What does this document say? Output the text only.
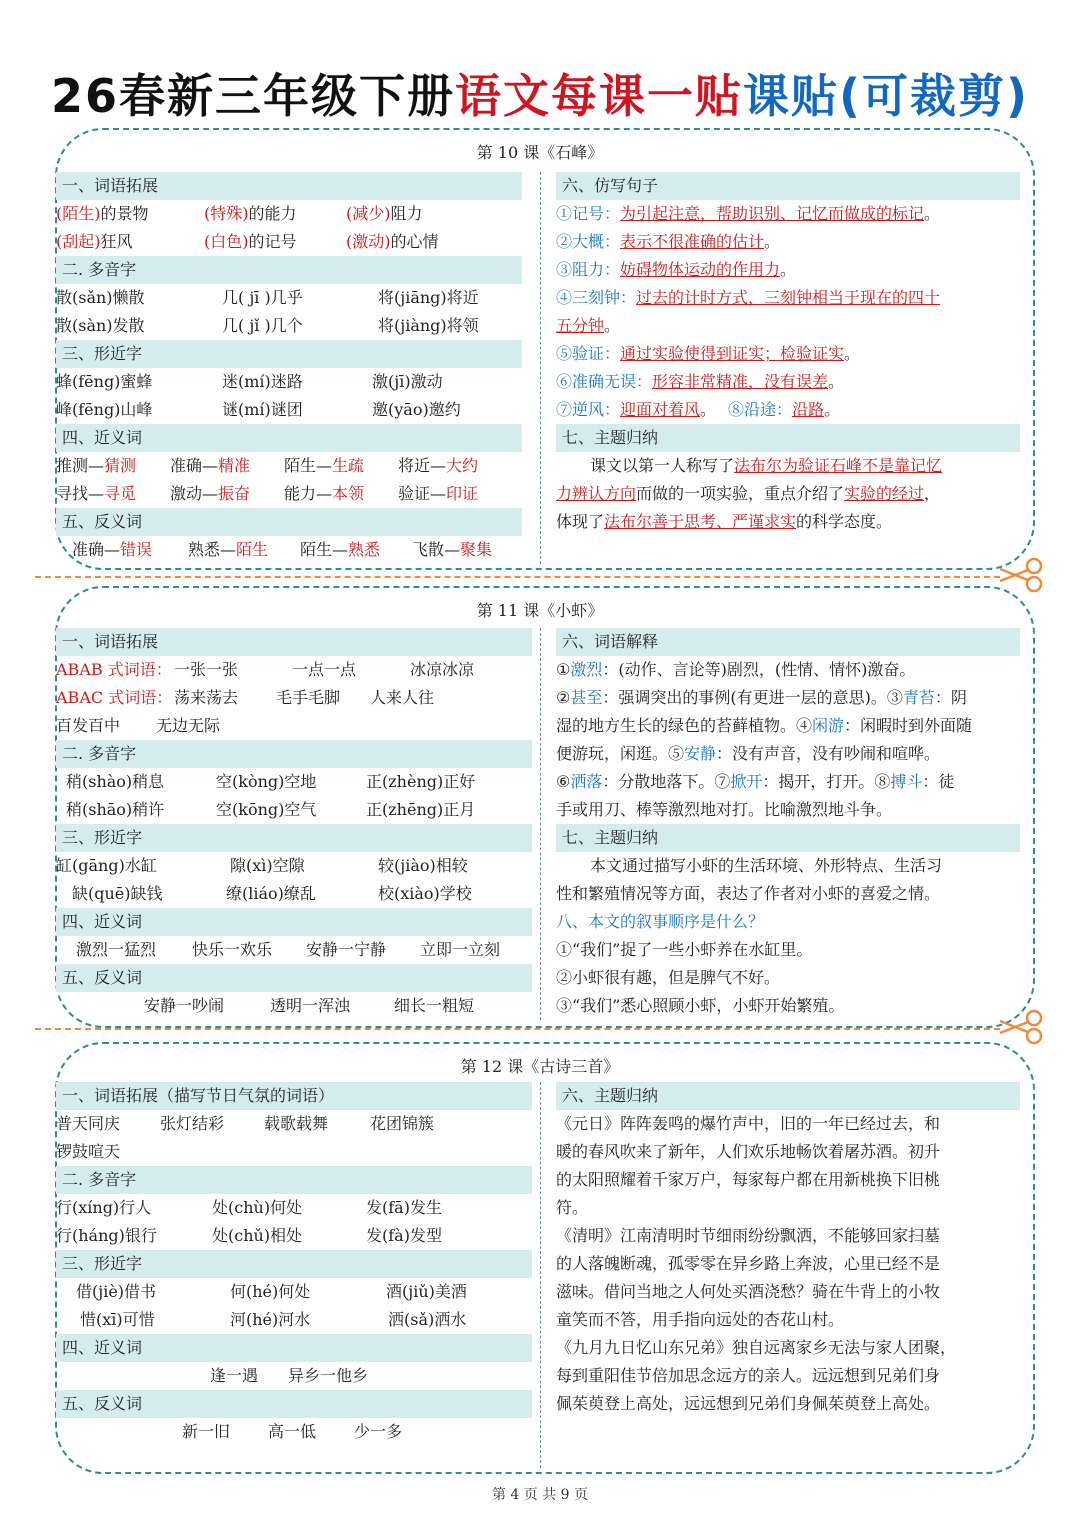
26春新三年级下册语文每课一贴课贴(可裁剪)
第 10 课《石峰》
一、词语拓展
(陌生)的景物	(特殊)的能力	(减少)阻力
(刮起)狂风	(白色)的记号	(激动)的心情
二. 多音字
散(sǎn)懒散	几( jī )几乎	将(jiāng)将近
散(sàn)发散	几( jǐ )几个	将(jiàng)将领
三、形近字
蜂(fēng)蜜蜂	迷(mí)迷路	激(jī)激动
峰(fēng)山峰	谜(mí)谜团	邀(yāo)邀约
四、近义词
推测—猜测 准确—精准 陌生—生疏 将近—大约
寻找—寻觅 激动—振奋 能力—本领 验证—印证
五、反义词
准确—错误 熟悉—陌生 陌生—熟悉 飞散—聚集
六、仿写句子
①记号：为引起注意，帮助识别、记忆而做成的标记。
②大概：表示不很准确的估计。
③阻力：妨碍物体运动的作用力。
④三刻钟：过去的计时方式，三刻钟相当于现在的四十
五分钟。
⑤验证：通过实验使得到证实；检验证实。
⑥准确无误：形容非常精准，没有误差。
⑦逆风：迎面对着风。 ⑧沿途：沿路。
七、主题归纳
课文以第一人称写了法布尔为验证石峰不是靠记忆
力辨认方向而做的一项实验，重点介绍了实验的经过，
体现了法布尔善于思考、严谨求实的科学态度。
第 11 课《小虾》
一、词语拓展
ABAB 式词语： 一张一张	一点一点	冰凉冰凉
ABAC 式词语： 荡来荡去 毛手毛脚 人来人往
百发百中 无边无际
二. 多音字
稍(shào)稍息	空(kòng)空地	正(zhèng)正好
稍(shāo)稍许	空(kōng)空气	正(zhēng)正月
三、形近字
缸(gāng)水缸	隙(xì)空隙	较(jiào)相较
缺(quē)缺钱	缭(liáo)缭乱	校(xiào)学校
四、近义词
激烈一猛烈 快乐一欢乐 安静一宁静 立即一立刻
五、反义词
安静一吵闹	透明一浑浊	细长一粗短
六、词语解释
①激烈：(动作、言论等)剧烈，(性情、情怀)激奋。
②甚至：强调突出的事例(有更进一层的意思)。③青苔：阴
湿的地方生长的绿色的苔藓植物。④闲游：闲暇时到外面随
便游玩，闲逛。⑤安静：没有声音，没有吵闹和喧哗。
⑥洒落：分散地落下。⑦掀开：揭开，打开。⑧搏斗：徒
手或用刀、棒等激烈地对打。比喻激烈地斗争。
七、主题归纳
本文通过描写小虾的生活环境、外形特点、生活习
性和繁殖情况等方面，表达了作者对小虾的喜爱之情。
八、本文的叙事顺序是什么？
①“我们”捉了一些小虾养在水缸里。
②小虾很有趣，但是脾气不好。
③“我们”悉心照顾小虾，小虾开始繁殖。
第 12 课《古诗三首》
一、词语拓展（描写节日气氛的词语）
普天同庆 张灯结彩 载歌载舞	花团锦簇
锣鼓喧天
二. 多音字
行(xíng)行人	处(chù)何处	发(fā)发生
行(háng)银行	处(chǔ)相处	发(fà)发型
三、形近字
借(jiè)借书	何(hé)何处	酒(jiǔ)美酒
惜(xī)可惜	河(hé)河水	洒(sǎ)洒水
四、近义词
逢一遇 异乡一他乡
五、反义词
新一旧 高一低 少一多
六、主题归纳
《元日》阵阵轰鸣的爆竹声中，旧的一年已经过去，和
暖的春风吹来了新年，人们欢乐地畅饮着屠苏酒。初升
的太阳照耀着千家万户，每家每户都在用新桃换下旧桃
符。
《清明》江南清明时节细雨纷纷飘洒，不能够回家扫墓
的人落魄断魂，孤零零在异乡路上奔波，心里已经不是
滋味。借问当地之人何处买酒浇愁？骑在牛背上的小牧
童笑而不答，用手指向远处的杏花山村。
《九月九日忆山东兄弟》独自远离家乡无法与家人团聚，
每到重阳佳节倍加思念远方的亲人。远远想到兄弟们身
佩茱萸登上高处，远远想到兄弟们身佩茱萸登上高处。
第 4 页 共 9 页
